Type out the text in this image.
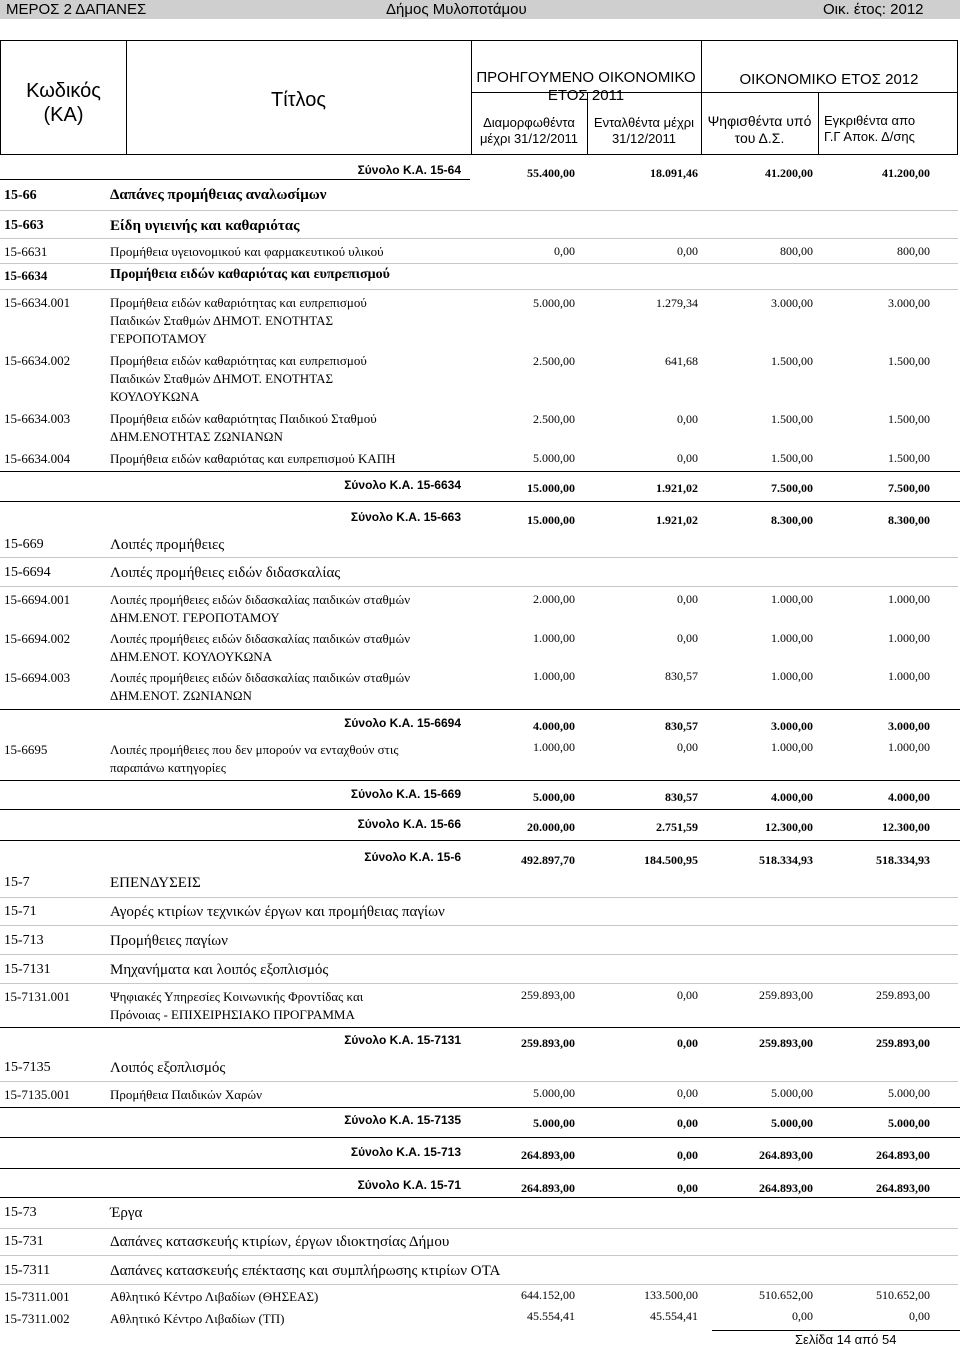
ΜΕΡΟΣ 2 ΔΑΠΑΝΕΣ	Δήμος Μυλοποτάμου	Οικ. έτος: 2012
Κωδικός
(ΚΑ)
Τίτλος
ΠΡΟΗΓΟΥΜΕΝΟ ΟΙΚΟΝΟΜΙΚΟ
ΕΤΟΣ 2011
ΟΙΚΟΝΟΜΙΚΟ ΕΤΟΣ 2012
Διαμορφωθέντα
μέχρι 31/12/2011
Ενταλθέντα μέχρι
31/12/2011
Ψηφισθέντα υπό
του Δ.Σ.
Εγκριθέντα απο
Γ.Γ Αποκ. Δ/σης
Σύνολο Κ.Α. 15-64	55.400,00	18.091,46	41.200,00	41.200,00
15-66	Δαπάνες προμήθειας αναλωσίμων
15-663	Είδη υγιεινής και καθαριότας
15-6631	Προμήθεια υγειονομικού και φαρμακευτικού υλικού	0,00	0,00	800,00	800,00
15-6634	Προμήθεια ειδών καθαριότας και ευπρεπισμού
15-6634.001	Προμήθεια ειδών καθαριότητας και ευπρεπισμού
Παιδικών Σταθμών ΔΗΜΟΤ. ΕΝΟΤΗΤΑΣ
ΓΕΡΟΠΟΤΑΜΟΥ
5.000,00	1.279,34	3.000,00	3.000,00
15-6634.002	Προμήθεια ειδών καθαριότητας και ευπρεπισμού
Παιδικών Σταθμών ΔΗΜΟΤ. ΕΝΟΤΗΤΑΣ
ΚΟΥΛΟΥΚΩΝΑ
2.500,00	641,68	1.500,00	1.500,00
15-6634.003	Προμήθεια ειδών καθαριότητας Παιδικού Σταθμού
ΔΗΜ.ΕΝΟΤΗΤΑΣ ΖΩΝΙΑΝΩΝ
2.500,00	0,00	1.500,00	1.500,00
15-6634.004	Προμήθεια ειδών καθαριότας και ευπρεπισμού ΚΑΠΗ	5.000,00	0,00	1.500,00	1.500,00
Σύνολο Κ.Α. 15-6634	15.000,00	1.921,02	7.500,00	7.500,00
Σύνολο Κ.Α. 15-663	15.000,00	1.921,02	8.300,00	8.300,00
15-669	Λοιπές προμήθειες
15-6694	Λοιπές προμήθειες ειδών διδασκαλίας
15-6694.001	Λοιπές προμήθειες ειδών διδασκαλίας παιδικών σταθμών
ΔΗΜ.ΕΝΟΤ. ΓΕΡΟΠΟΤΑΜΟΥ
2.000,00	0,00	1.000,00	1.000,00
15-6694.002	Λοιπές προμήθειες ειδών διδασκαλίας παιδικών σταθμών
ΔΗΜ.ΕΝΟΤ. ΚΟΥΛΟΥΚΩΝΑ
1.000,00	0,00	1.000,00	1.000,00
15-6694.003	Λοιπές προμήθειες ειδών διδασκαλίας παιδικών σταθμών
ΔΗΜ.ΕΝΟΤ. ΖΩΝΙΑΝΩΝ
1.000,00	830,57	1.000,00	1.000,00
Σύνολο Κ.Α. 15-6694	4.000,00	830,57	3.000,00	3.000,00
15-6695	Λοιπές προμήθειες που δεν μπορούν να ενταχθούν στις
παραπάνω κατηγορίες
1.000,00	0,00	1.000,00	1.000,00
Σύνολο Κ.Α. 15-669	5.000,00	830,57	4.000,00	4.000,00
Σύνολο Κ.Α. 15-66	20.000,00	2.751,59	12.300,00	12.300,00
Σύνολο Κ.Α. 15-6	492.897,70	184.500,95	518.334,93	518.334,93
15-7	ΕΠΕΝΔΥΣΕΙΣ
15-71	Αγορές κτιρίων τεχνικών έργων και προμήθειας παγίων
15-713	Προμήθειες παγίων
15-7131	Μηχανήματα και λοιπός εξοπλισμός
15-7131.001	Ψηφιακές Υπηρεσίες Κοινωνικής Φροντίδας και
Πρόνοιας - ΕΠΙΧΕΙΡΗΣΙΑΚΟ ΠΡΟΓΡΑΜΜΑ
259.893,00	0,00	259.893,00	259.893,00
Σύνολο Κ.Α. 15-7131	259.893,00	0,00	259.893,00	259.893,00
15-7135	Λοιπός εξοπλισμός
15-7135.001	Προμήθεια Παιδικών Χαρών	5.000,00	0,00	5.000,00	5.000,00
Σύνολο Κ.Α. 15-7135	5.000,00	0,00	5.000,00	5.000,00
Σύνολο Κ.Α. 15-713	264.893,00	0,00	264.893,00	264.893,00
Σύνολο Κ.Α. 15-71	264.893,00	0,00	264.893,00	264.893,00
15-73	Έργα
15-731	Δαπάνες κατασκευής κτιρίων, έργων ιδιοκτησίας Δήμου
15-7311	Δαπάνες κατασκευής επέκτασης και συμπλήρωσης κτιρίων ΟΤΑ
15-7311.001	Αθλητικό Κέντρο Λιβαδίων (ΘΗΣΕΑΣ)	644.152,00	133.500,00	510.652,00	510.652,00
15-7311.002	Αθλητικό Κέντρο Λιβαδίων (ΤΠ)	45.554,41	45.554,41	0,00	0,00
Σελίδα 14 από 54
